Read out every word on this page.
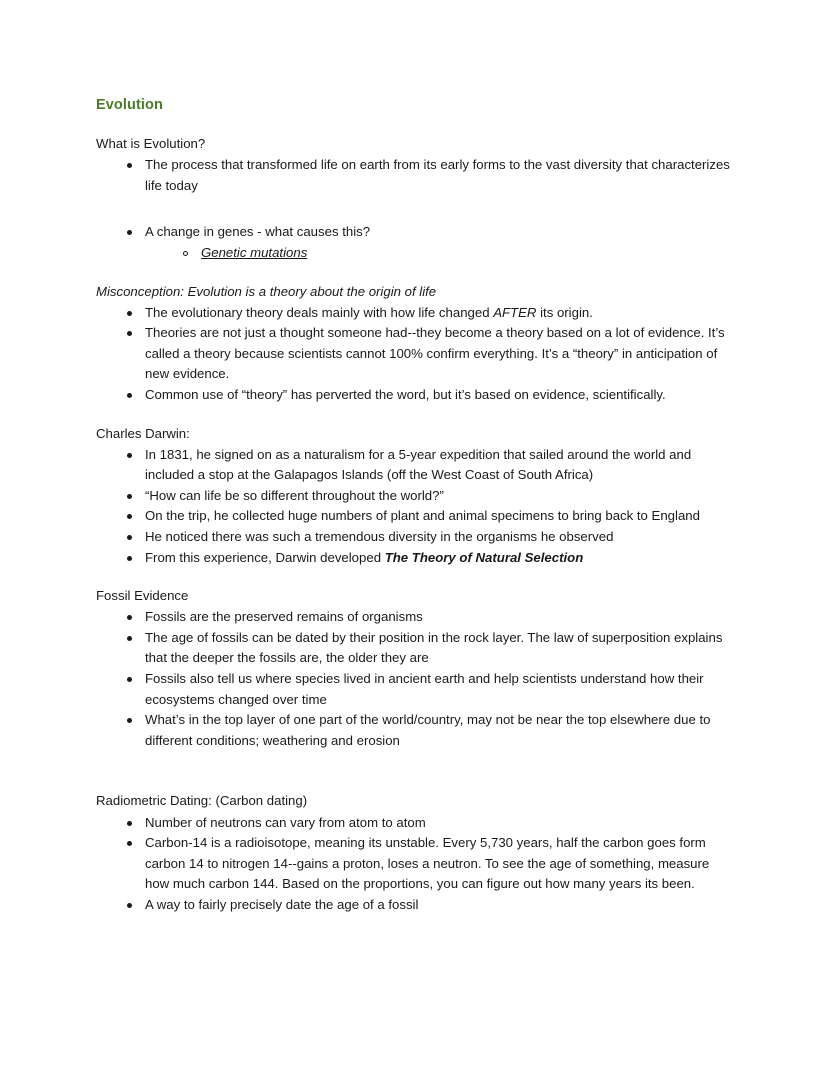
Evolution
What is Evolution?
The process that transformed life on earth from its early forms to the vast diversity that characterizes life today
A change in genes - what causes this?
Genetic mutations
Misconception: Evolution is a theory about the origin of life
The evolutionary theory deals mainly with how life changed AFTER its origin.
Theories are not just a thought someone had--they become a theory based on a lot of evidence. It’s called a theory because scientists cannot 100% confirm everything. It’s a “theory” in anticipation of new evidence.
Common use of “theory” has perverted the word, but it’s based on evidence, scientifically.
Charles Darwin:
In 1831, he signed on as a naturalism for a 5-year expedition that sailed around the world and included a stop at the Galapagos Islands (off the West Coast of South Africa)
“How can life be so different throughout the world?”
On the trip, he collected huge numbers of plant and animal specimens to bring back to England
He noticed there was such a tremendous diversity in the organisms he observed
From this experience, Darwin developed The Theory of Natural Selection
Fossil Evidence
Fossils are the preserved remains of organisms
The age of fossils can be dated by their position in the rock layer. The law of superposition explains that the deeper the fossils are, the older they are
Fossils also tell us where species lived in ancient earth and help scientists understand how their ecosystems changed over time
What’s in the top layer of one part of the world/country, may not be near the top elsewhere due to different conditions; weathering and erosion
Radiometric Dating: (Carbon dating)
Number of neutrons can vary from atom to atom
Carbon-14 is a radioisotope, meaning its unstable. Every 5,730 years, half the carbon goes form carbon 14 to nitrogen 14--gains a proton, loses a neutron. To see the age of something, measure how much carbon 144. Based on the proportions, you can figure out how many years its been.
A way to fairly precisely date the age of a fossil
